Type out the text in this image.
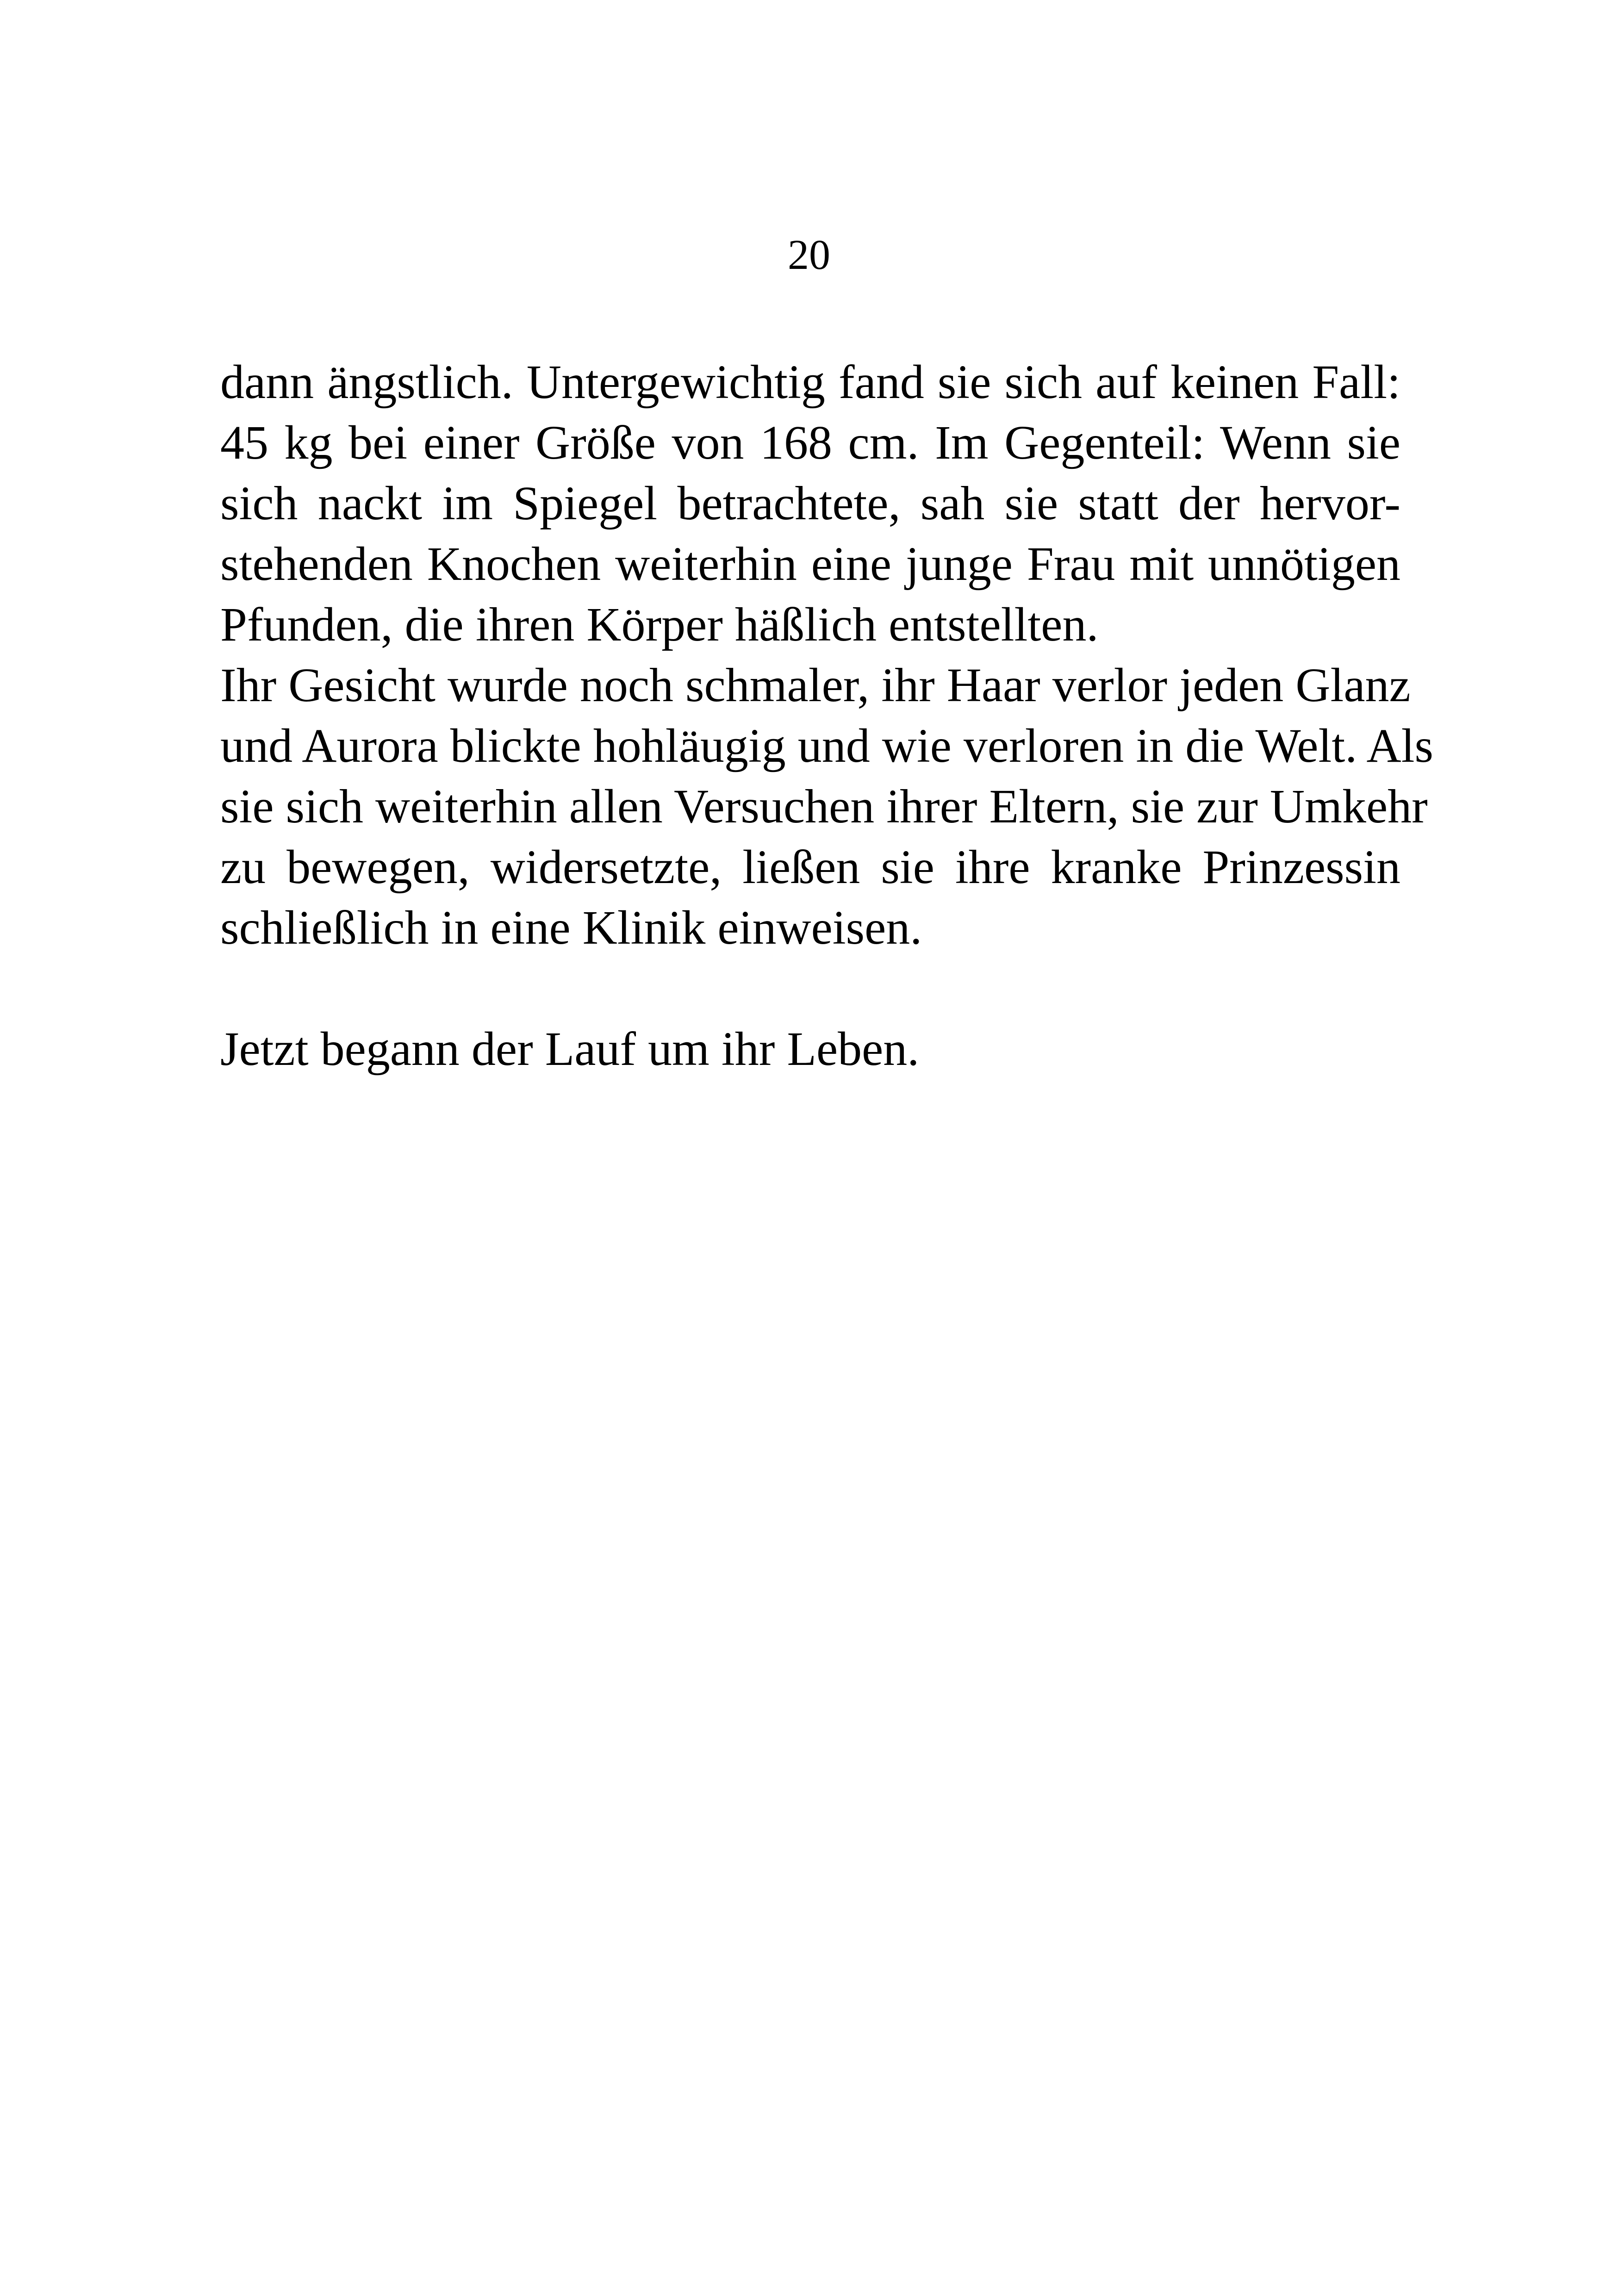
20
dann ängstlich. Untergewichtig fand sie sich auf keinen Fall:
45 kg bei einer Größe von 168 cm. Im Gegenteil: Wenn sie
sich nackt im Spiegel betrachtete, sah sie statt der hervor-
stehenden Knochen weiterhin eine junge Frau mit unnötigen
Pfunden, die ihren Körper häßlich entstellten.
Ihr Gesicht wurde noch schmaler, ihr Haar verlor jeden Glanz
und Aurora blickte hohläugig und wie verloren in die Welt. Als
sie sich weiterhin allen Versuchen ihrer Eltern, sie zur Umkehr
zu bewegen, widersetzte, ließen sie ihre kranke Prinzessin
schließlich in eine Klinik einweisen.
Jetzt begann der Lauf um ihr Leben.
